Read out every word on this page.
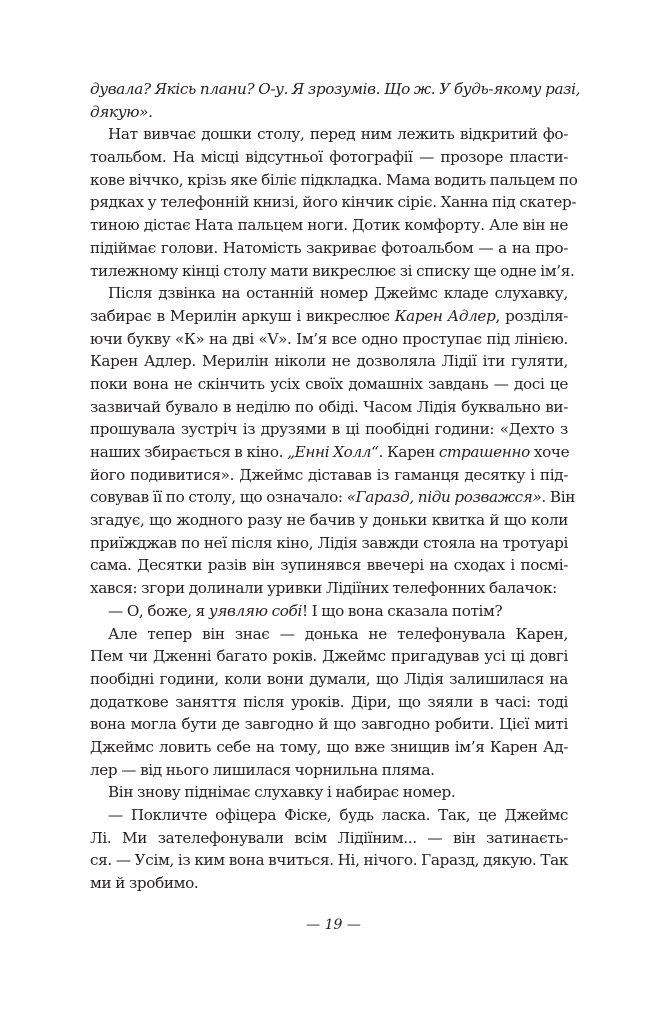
дувала? Якісь плани? О-у. Я зрозумів. Що ж. У будь-якому разі,
дякую».
Нат вивчає дошки столу, перед ним лежить відкритий фо-
тоальбом. На місці відсутньої фотографії — прозоре пласти-
кове віччко, крізь яке біліє підкладка. Мама водить пальцем по
рядках у телефонній книзі, його кінчик сіріє. Ханна під скатер-
тиною дістає Ната пальцем ноги. Дотик комфорту. Але він не
підіймає голови. Натомість закриває фотоальбом — а на про-
тилежному кінці столу мати викреслює зі списку ще одне ім’я.
Після дзвінка на останній номер Джеймс кладе слухавку,
забирає в Мерилін аркуш і викреслює Карен Адлер, розділя-
ючи букву «К» на дві «V». Ім’я все одно проступає під лінією.
Карен Адлер. Мерилін ніколи не дозволяла Лідії іти гуляти,
поки вона не скінчить усіх своїх домашніх завдань — досі це
зазвичай бувало в неділю по обіді. Часом Лідія буквально ви-
прошувала зустріч із друзями в ці пообідні години: «Дехто з
наших збирається в кіно. „Енні Холл“. Карен страшенно хоче
його подивитися». Джеймс діставав із гаманця десятку і під-
совував її по столу, що означало: «Гаразд, піди розважся». Він
згадує, що жодного разу не бачив у доньки квитка й що коли
приїжджав по неї після кіно, Лідія завжди стояла на тротуарі
сама. Десятки разів він зупинявся ввечері на сходах і посмі-
хався: згори долинали уривки Лідіїних телефонних балачок:
— О, боже, я уявляю собі! І що вона сказала потім?
Але тепер він знає — донька не телефонувала Карен,
Пем чи Дженні багато років. Джеймс пригадував усі ці довгі
пообідні години, коли вони думали, що Лідія залишилася на
додаткове заняття після уроків. Діри, що зяяли в часі: тоді
вона могла бути де завгодно й що завгодно робити. Цієї миті
Джеймс ловить себе на тому, що вже знищив ім’я Карен Ад-
лер — від нього лишилася чорнильна пляма.
Він знову піднімає слухавку і набирає номер.
— Покличте офіцера Фіске, будь ласка. Так, це Джеймс
Лі. Ми зателефонували всім Лідіїним... — він затинаєть-
ся. — Усім, із ким вона вчиться. Ні, нічого. Гаразд, дякую. Так
ми й зробимо.
— 19 —
